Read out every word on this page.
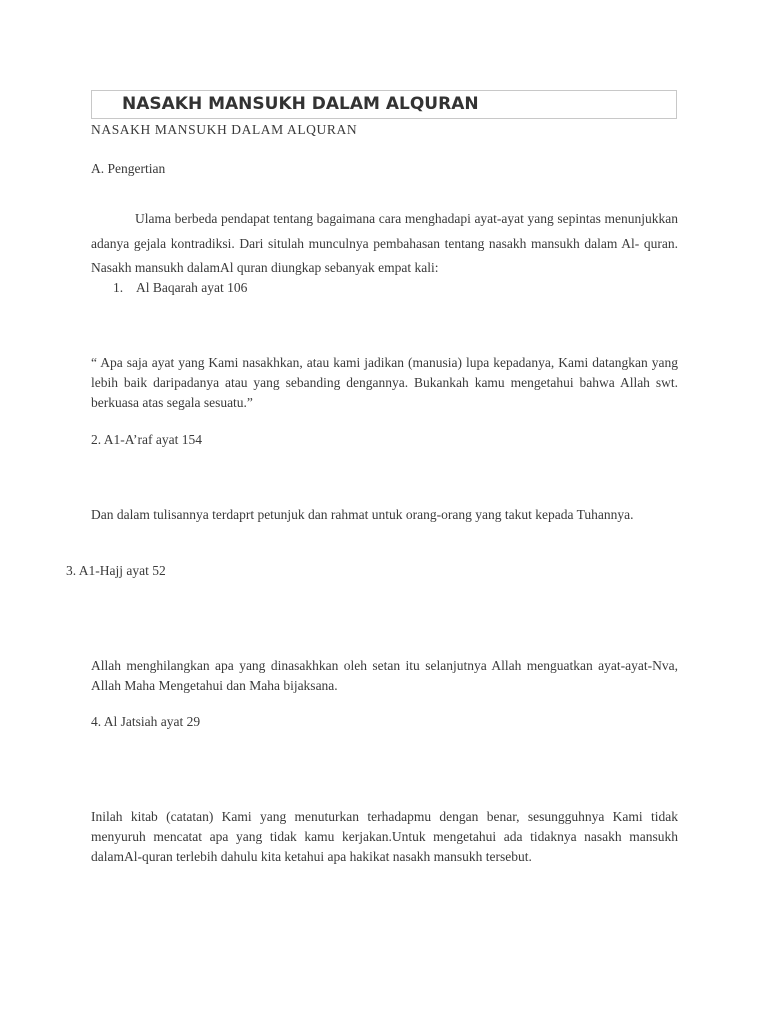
NASAKH MANSUKH DALAM ALQURAN

NASAKH MANSUKH DALAM ALQURAN

A. Pengertian

Ulama berbeda pendapat tentang bagaimana cara menghadapi ayat-ayat yang sepintas menunjukkan adanya gejala kontradiksi. Dari situlah munculnya pembahasan tentang nasakh mansukh dalam Al- quran. Nasakh mansukh dalamAl quran diungkap sebanyak empat kali:

1. Al Baqarah ayat 106

“ Apa saja ayat yang Kami nasakhkan, atau kami jadikan (manusia) lupa kepadanya, Kami datangkan yang lebih baik daripadanya atau yang sebanding dengannya. Bukankah kamu mengetahui bahwa Allah swt. berkuasa atas segala sesuatu.”

2. A1-A’raf ayat 154

Dan dalam tulisannya terdaprt petunjuk dan rahmat untuk orang-orang yang takut kepada Tuhannya.

3. A1-Hajj ayat 52

Allah menghilangkan apa yang dinasakhkan oleh setan itu selanjutnya Allah menguatkan ayat-ayat-Nva, Allah Maha Mengetahui dan Maha bijaksana.

4. Al Jatsiah ayat 29

Inilah kitab (catatan) Kami yang menuturkan terhadapmu dengan benar, sesungguhnya Kami tidak menyuruh mencatat apa yang tidak kamu kerjakan.Untuk mengetahui ada tidaknya nasakh mansukh dalamAl-quran terlebih dahulu kita ketahui apa hakikat nasakh mansukh tersebut.
